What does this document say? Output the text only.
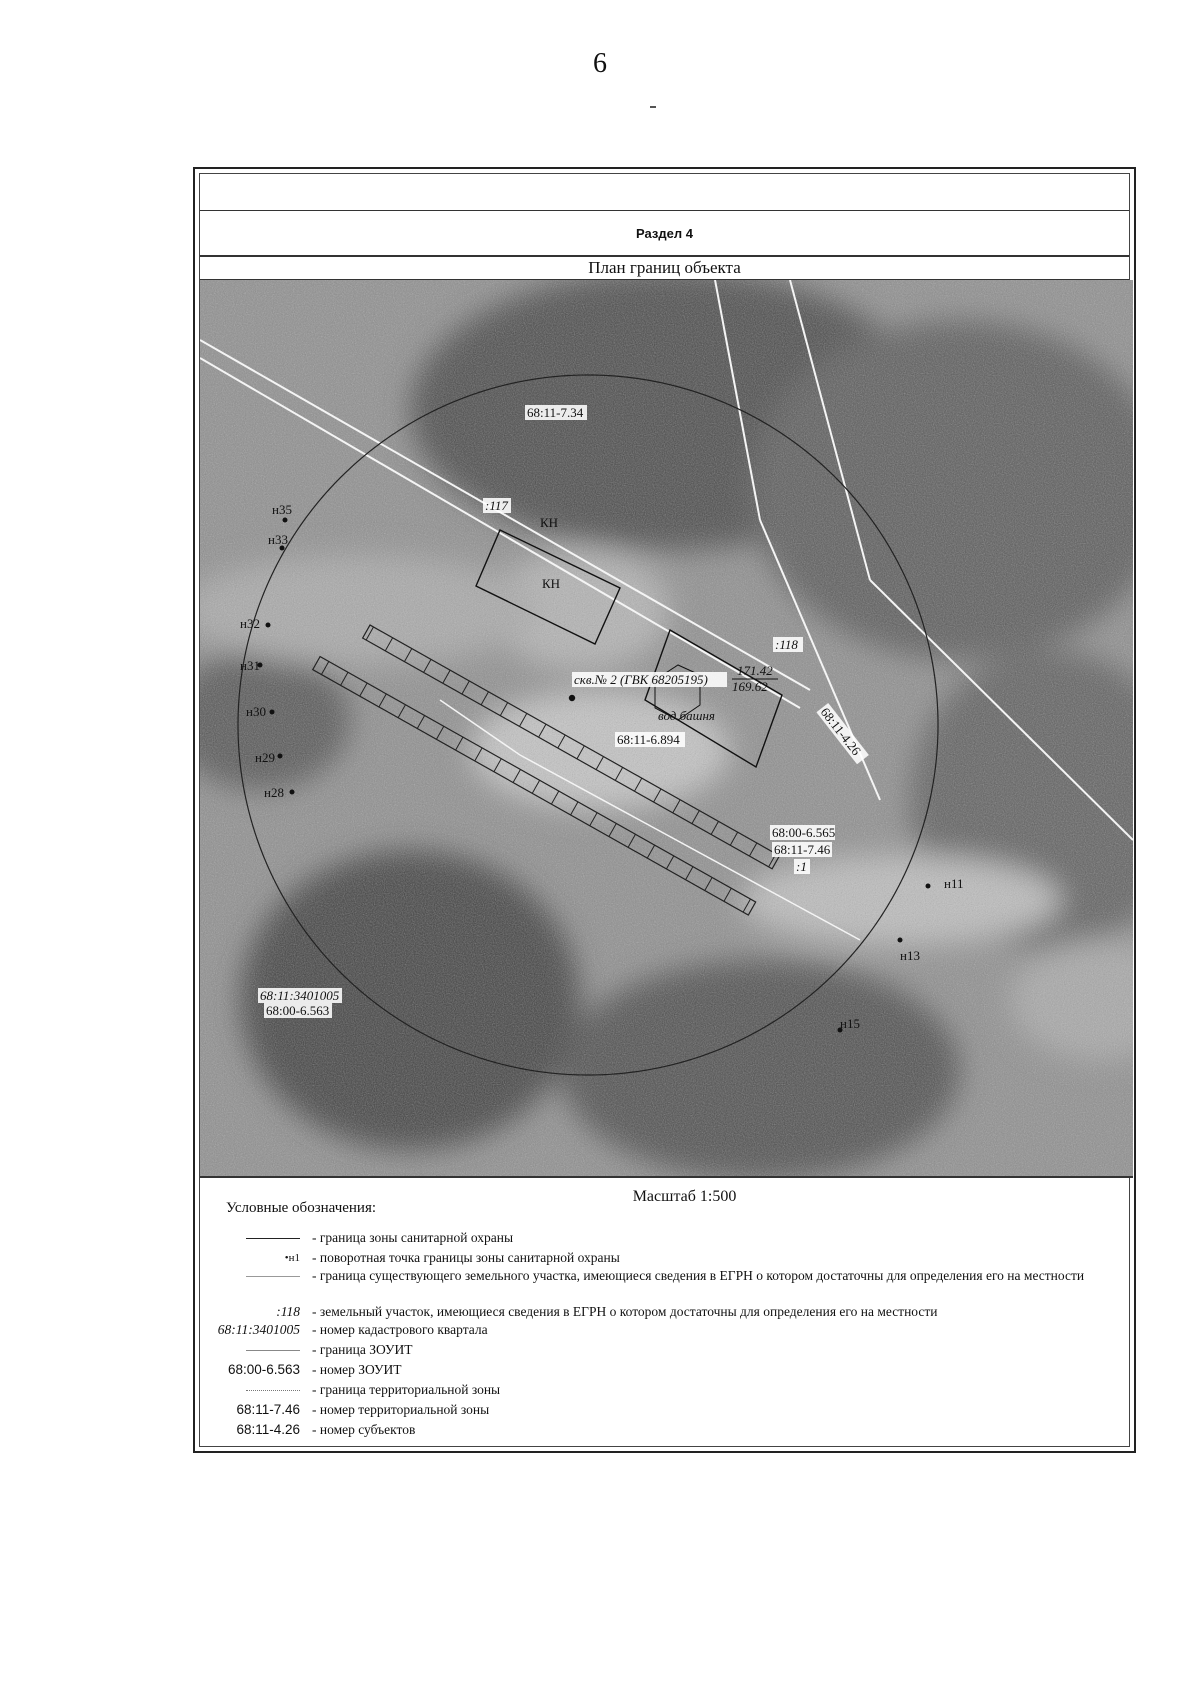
6
Раздел 4
План границ объекта
68:11-7.34
:117
КН
КН
:118
скв.№ 2 (ГВК 68205195)
171.42
169.62
вод.башня
68:11-6.894	68:11-4.26
68:00-6.565
68:11-7.46
:1
68:11:3401005
68:00-6.563
н35
н33
н32
н31
н30
н29
н28
н11
н13
н15
Масштаб 1:500
Условные обозначения:
- граница зоны санитарной охраны
•н1 - поворотная точка границы зоны санитарной охраны
- граница существующего земельного участка, имеющиеся сведения в ЕГРН о котором достаточны для определения его на местности
:118 - земельный участок, имеющиеся сведения в ЕГРН о котором достаточны для определения его на местности
68:11:3401005 - номер кадастрового квартала
- граница ЗОУИТ
68:00-6.563 - номер ЗОУИТ
- граница территориальной зоны
68:11-7.46 - номер территориальной зоны
68:11-4.26 - номер субъектов
